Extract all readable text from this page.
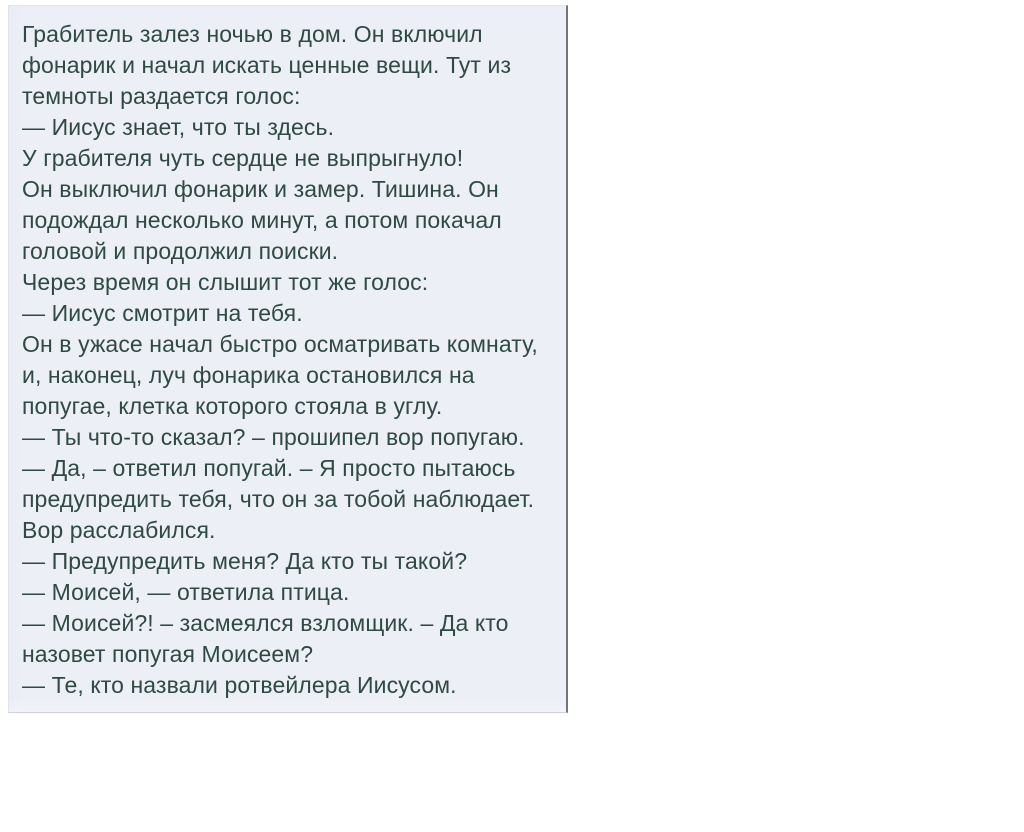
Грабитель залез ночью в дом. Он включил
фонарик и начал искать ценные вещи. Тут из
темноты раздается голос:
— Иисус знает, что ты здесь.
У грабителя чуть сердце не выпрыгнуло!
Он выключил фонарик и замер. Тишина. Он
подождал несколько минут, а потом покачал
головой и продолжил поиски.
Через время он слышит тот же голос:
— Иисус смотрит на тебя.
Он в ужасе начал быстро осматривать комнату,
и, наконец, луч фонарика остановился на
попугае, клетка которого стояла в углу.
— Ты что-то сказал? – прошипел вор попугаю.
— Да, – ответил попугай. – Я просто пытаюсь
предупредить тебя, что он за тобой наблюдает.
Вор расслабился.
— Предупредить меня? Да кто ты такой?
— Моисей, — ответила птица.
— Моисей?! – засмеялся взломщик. – Да кто
назовет попугая Моисеем?
— Те, кто назвали ротвейлера Иисусом.
